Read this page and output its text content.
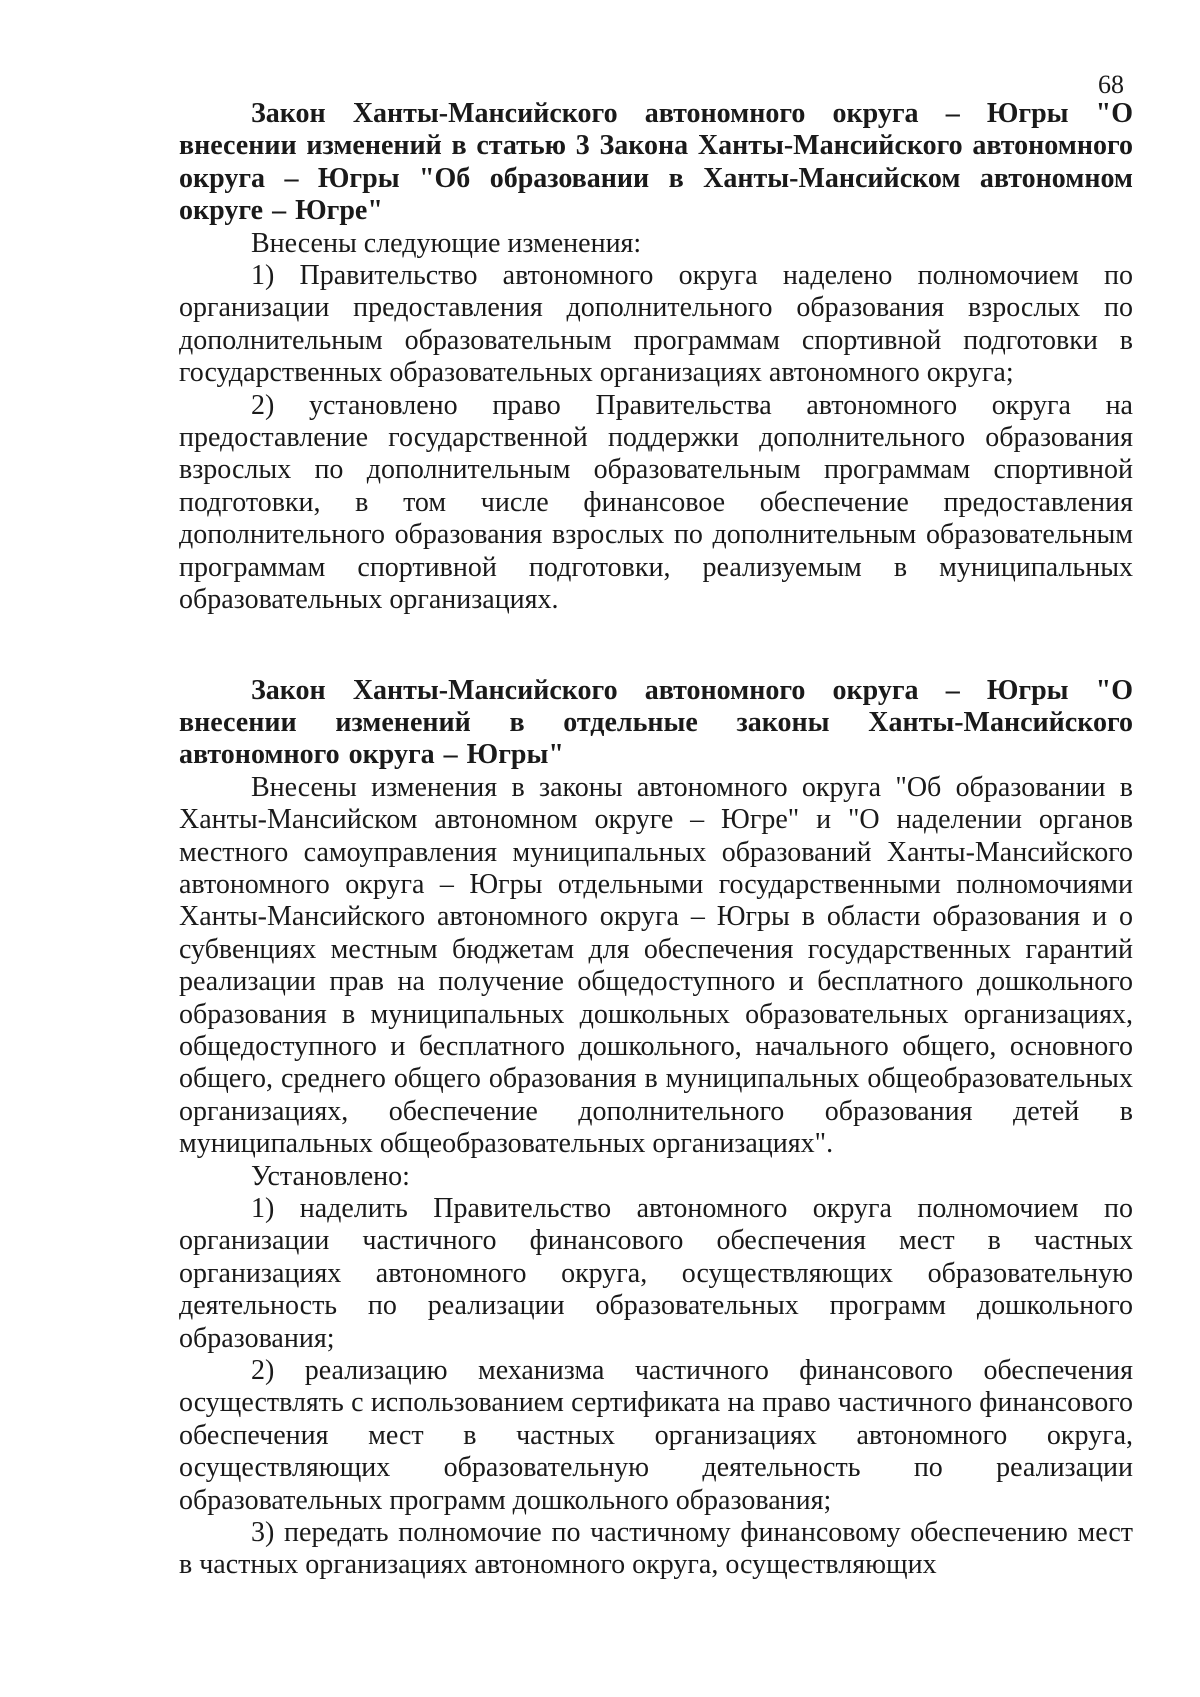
68

Закон Ханты-Мансийского автономного округа – Югры "О внесении изменений в статью 3 Закона Ханты-Мансийского автономного округа – Югры "Об образовании в Ханты-Мансийском автономном округе – Югре"

Внесены следующие изменения:

1) Правительство автономного округа наделено полномочием по организации предоставления дополнительного образования взрослых по дополнительным образовательным программам спортивной подготовки в государственных образовательных организациях автономного округа;

2) установлено право Правительства автономного округа на предоставление государственной поддержки дополнительного образования взрослых по дополнительным образовательным программам спортивной подготовки, в том числе финансовое обеспечение предоставления дополнительного образования взрослых по дополнительным образовательным программам спортивной подготовки, реализуемым в муниципальных образовательных организациях.

Закон Ханты-Мансийского автономного округа – Югры "О внесении изменений в отдельные законы Ханты-Мансийского автономного округа – Югры"

Внесены изменения в законы автономного округа "Об образовании в Ханты-Мансийском автономном округе – Югре" и "О наделении органов местного самоуправления муниципальных образований Ханты-Мансийского автономного округа – Югры отдельными государственными полномочиями Ханты-Мансийского автономного округа – Югры в области образования и о субвенциях местным бюджетам для обеспечения государственных гарантий реализации прав на получение общедоступного и бесплатного дошкольного образования в муниципальных дошкольных образовательных организациях, общедоступного и бесплатного дошкольного, начального общего, основного общего, среднего общего образования в муниципальных общеобразовательных организациях, обеспечение дополнительного образования детей в муниципальных общеобразовательных организациях".

Установлено:

1) наделить Правительство автономного округа полномочием по организации частичного финансового обеспечения мест в частных организациях автономного округа, осуществляющих образовательную деятельность по реализации образовательных программ дошкольного образования;

2) реализацию механизма частичного финансового обеспечения осуществлять с использованием сертификата на право частичного финансового обеспечения мест в частных организациях автономного округа, осуществляющих образовательную деятельность по реализации образовательных программ дошкольного образования;

3) передать полномочие по частичному финансовому обеспечению мест в частных организациях автономного округа, осуществляющих
